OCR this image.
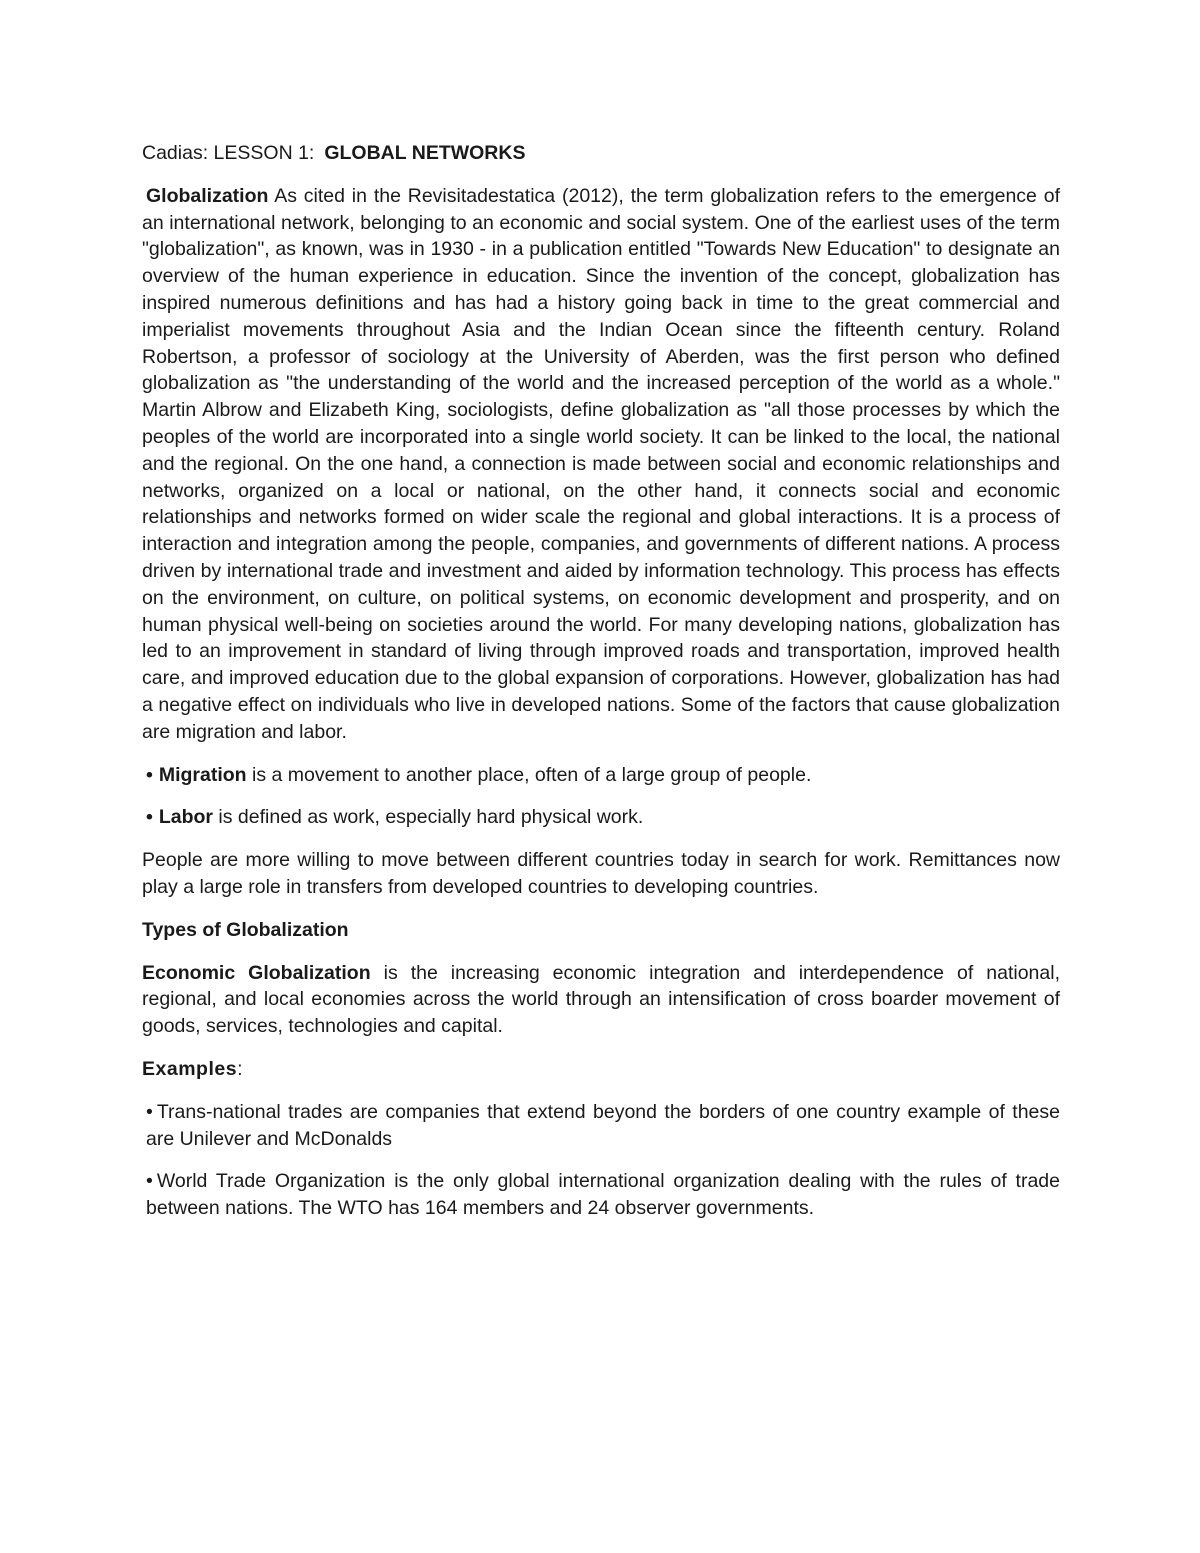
Cadias: LESSON 1: GLOBAL NETWORKS

Globalization As cited in the Revisitadestatica (2012), the term globalization refers to the emergence of an international network, belonging to an economic and social system. One of the earliest uses of the term "globalization", as known, was in 1930 - in a publication entitled "Towards New Education" to designate an overview of the human experience in education. Since the invention of the concept, globalization has inspired numerous definitions and has had a history going back in time to the great commercial and imperialist movements throughout Asia and the Indian Ocean since the fifteenth century. Roland Robertson, a professor of sociology at the University of Aberden, was the first person who defined globalization as "the understanding of the world and the increased perception of the world as a whole." Martin Albrow and Elizabeth King, sociologists, define globalization as "all those processes by which the peoples of the world are incorporated into a single world society. It can be linked to the local, the national and the regional. On the one hand, a connection is made between social and economic relationships and networks, organized on a local or national, on the other hand, it connects social and economic relationships and networks formed on wider scale the regional and global interactions. It is a process of interaction and integration among the people, companies, and governments of different nations. A process driven by international trade and investment and aided by information technology. This process has effects on the environment, on culture, on political systems, on economic development and prosperity, and on human physical well-being on societies around the world. For many developing nations, globalization has led to an improvement in standard of living through improved roads and transportation, improved health care, and improved education due to the global expansion of corporations. However, globalization has had a negative effect on individuals who live in developed nations. Some of the factors that cause globalization are migration and labor.

• Migration is a movement to another place, often of a large group of people.
• Labor is defined as work, especially hard physical work.

People are more willing to move between different countries today in search for work. Remittances now play a large role in transfers from developed countries to developing countries.

Types of Globalization

Economic Globalization is the increasing economic integration and interdependence of national, regional, and local economies across the world through an intensification of cross boarder movement of goods, services, technologies and capital.

Examples:

• Trans-national trades are companies that extend beyond the borders of one country example of these are Unilever and McDonalds

• World Trade Organization is the only global international organization dealing with the rules of trade between nations. The WTO has 164 members and 24 observer governments.
